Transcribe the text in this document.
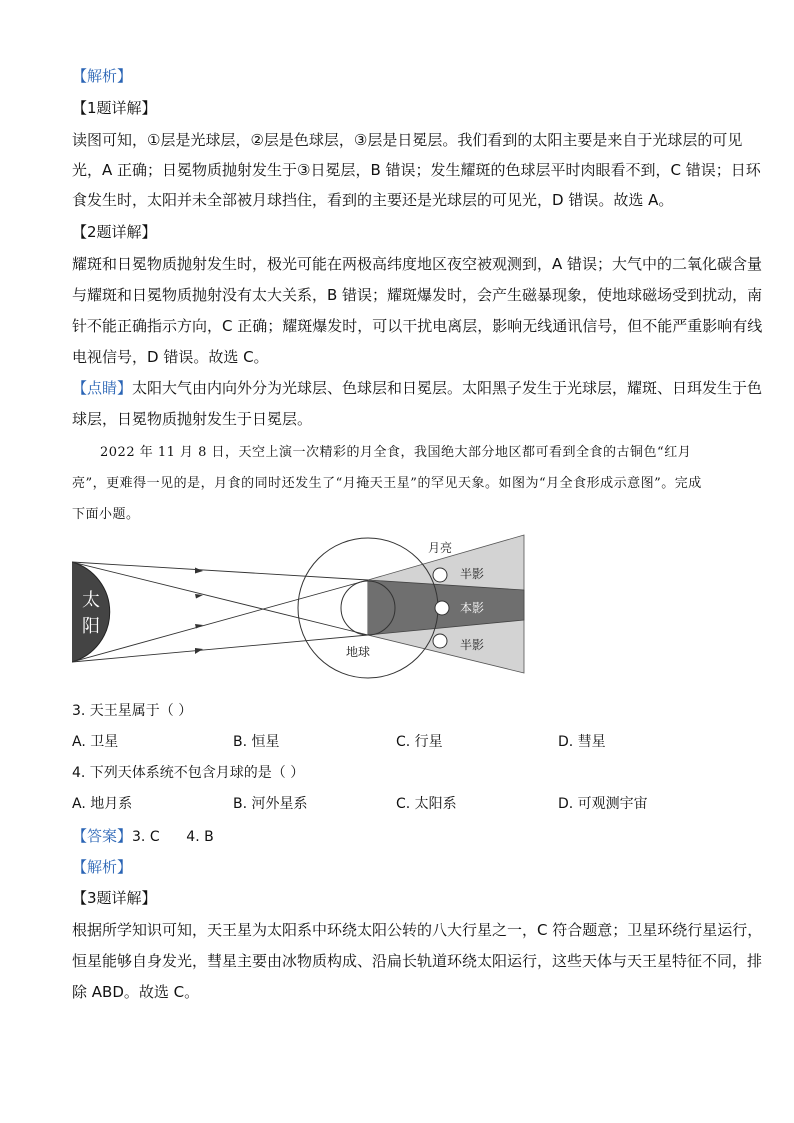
【解析】
【1题详解】
读图可知，①层是光球层，②层是色球层，③层是日冕层。我们看到的太阳主要是来自于光球层的可见
光，A 正确；日冕物质抛射发生于③日冕层，B 错误；发生耀斑的色球层平时肉眼看不到，C 错误；日环
食发生时，太阳并未全部被月球挡住，看到的主要还是光球层的可见光，D 错误。故选 A。
【2题详解】
耀斑和日冕物质抛射发生时，极光可能在两极高纬度地区夜空被观测到，A 错误；大气中的二氧化碳含量
与耀斑和日冕物质抛射没有太大关系，B 错误；耀斑爆发时，会产生磁暴现象，使地球磁场受到扰动，南
针不能正确指示方向，C 正确；耀斑爆发时，可以干扰电离层，影响无线通讯信号，但不能严重影响有线
电视信号，D 错误。故选 C。
【点睛】太阳大气由内向外分为光球层、色球层和日冕层。太阳黑子发生于光球层，耀斑、日珥发生于色
球层，日冕物质抛射发生于日冕层。
2022 年 11 月 8 日，天空上演一次精彩的月全食，我国绝大部分地区都可看到全食的古铜色“红月
亮”，更难得一见的是，月食的同时还发生了“月掩天王星”的罕见天象。如图为“月全食形成示意图”。完成
下面小题。
太
阳
地球
月亮
半影
本影
半影
3. 天王星属于（ ）
A. 卫星	B. 恒星	C. 行星	D. 彗星
4. 下列天体系统不包含月球的是（ ）
A. 地月系	B. 河外星系	C. 太阳系	D. 可观测宇宙
【答案】3. C      4. B
【解析】
【3题详解】
根据所学知识可知，天王星为太阳系中环绕太阳公转的八大行星之一，C 符合题意；卫星环绕行星运行，
恒星能够自身发光，彗星主要由冰物质构成、沿扁长轨道环绕太阳运行，这些天体与天王星特征不同，排
除 ABD。故选 C。
